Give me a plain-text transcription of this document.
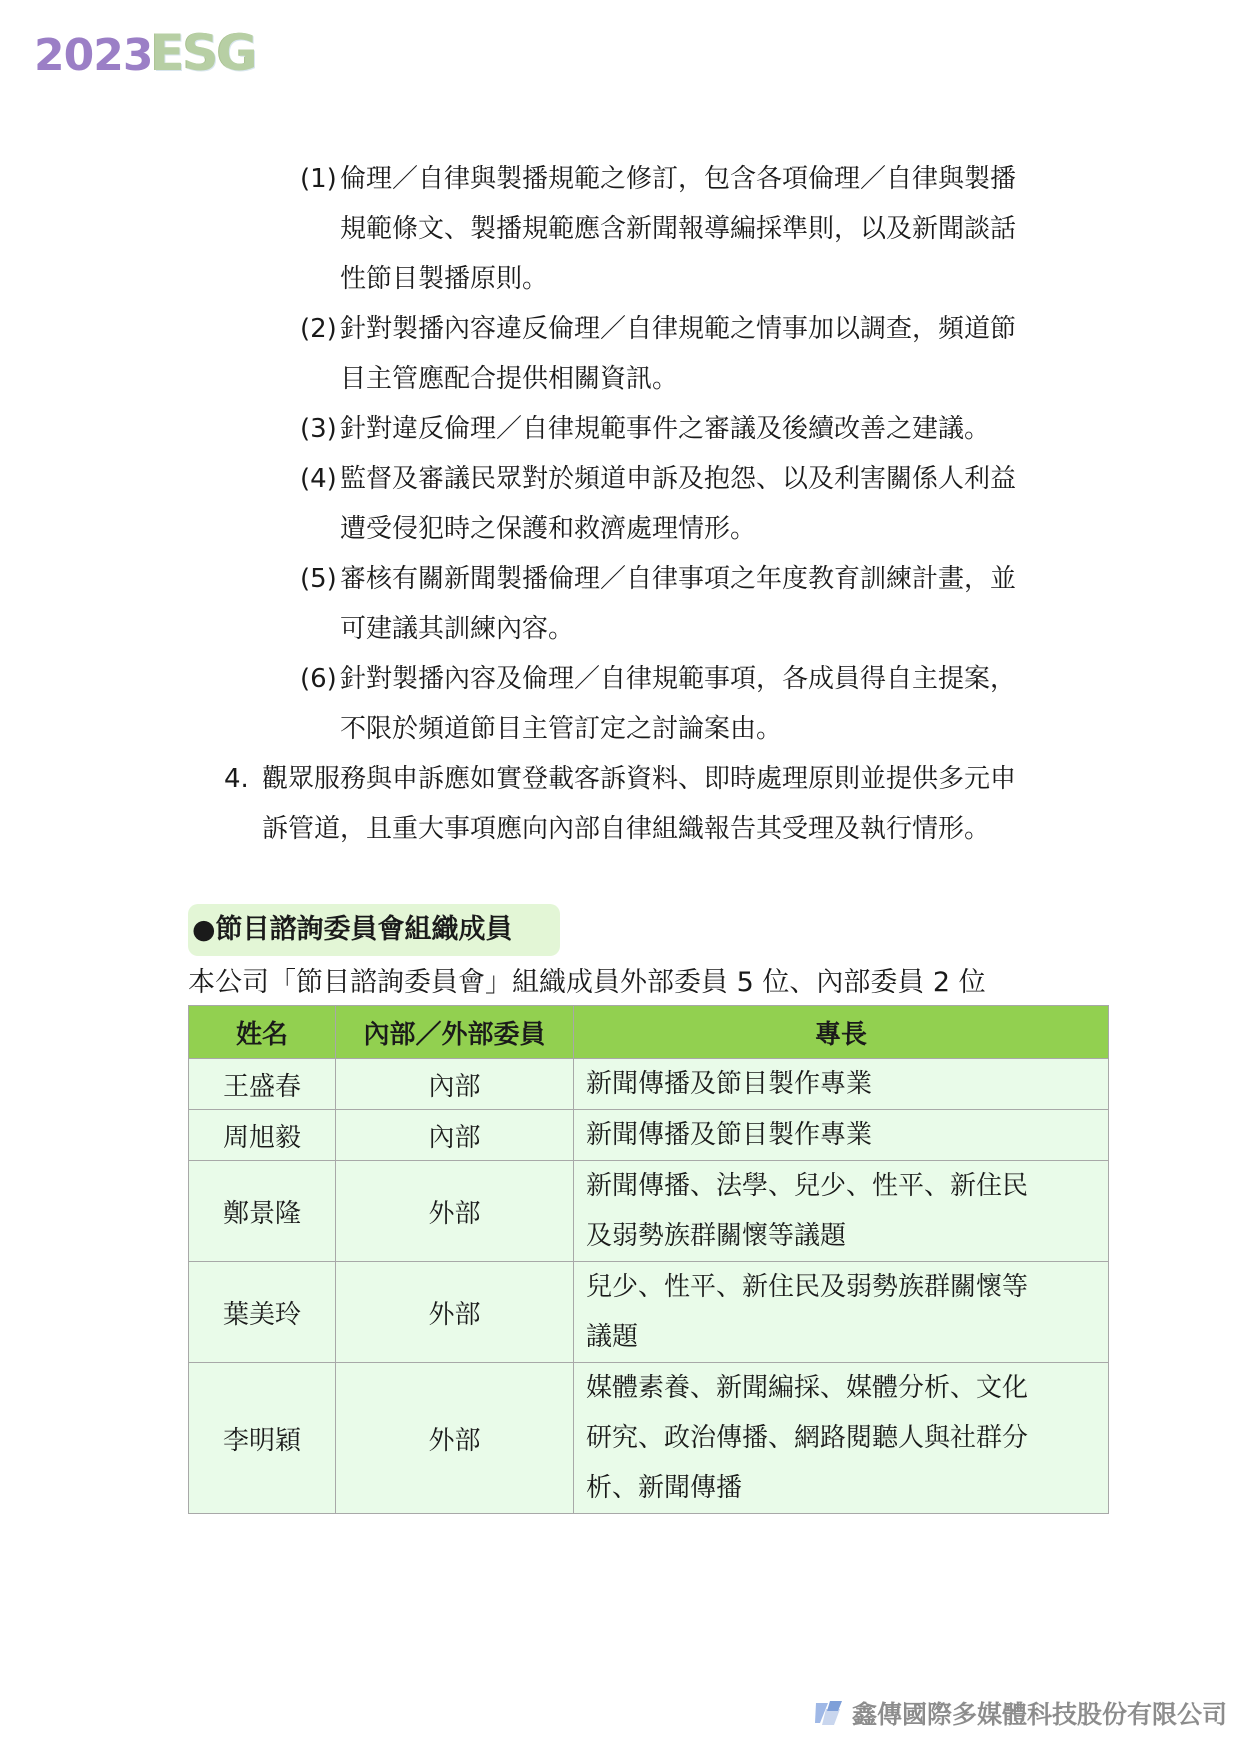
2023
ESG
(1) 倫理／自律與製播規範之修訂，包含各項倫理／自律與製播
規範條文、製播規範應含新聞報導編採準則，以及新聞談話
性節目製播原則。
(2) 針對製播內容違反倫理／自律規範之情事加以調查，頻道節
目主管應配合提供相關資訊。
(3) 針對違反倫理／自律規範事件之審議及後續改善之建議。
(4) 監督及審議民眾對於頻道申訴及抱怨、以及利害關係人利益
遭受侵犯時之保護和救濟處理情形。
(5) 審核有關新聞製播倫理／自律事項之年度教育訓練計畫，並
可建議其訓練內容。
(6) 針對製播內容及倫理／自律規範事項，各成員得自主提案，
不限於頻道節目主管訂定之討論案由。
4. 觀眾服務與申訴應如實登載客訴資料、即時處理原則並提供多元申
訴管道，且重大事項應向內部自律組織報告其受理及執行情形。
●節目諮詢委員會組織成員
本公司「節目諮詢委員會」組織成員外部委員 5 位、內部委員 2 位
姓名	內部／外部委員	專長
王盛春	內部	新聞傳播及節目製作專業

周旭毅	內部	新聞傳播及節目製作專業

鄭景隆	外部	新聞傳播、法學、兒少、性平、新住民
及弱勢族群關懷等議題

葉美玲	外部	兒少、性平、新住民及弱勢族群關懷等
議題

李明穎	外部	媒體素養、新聞編採、媒體分析、文化
研究、政治傳播、網路閱聽人與社群分
析、新聞傳播
鑫傳國際多媒體科技股份有限公司
